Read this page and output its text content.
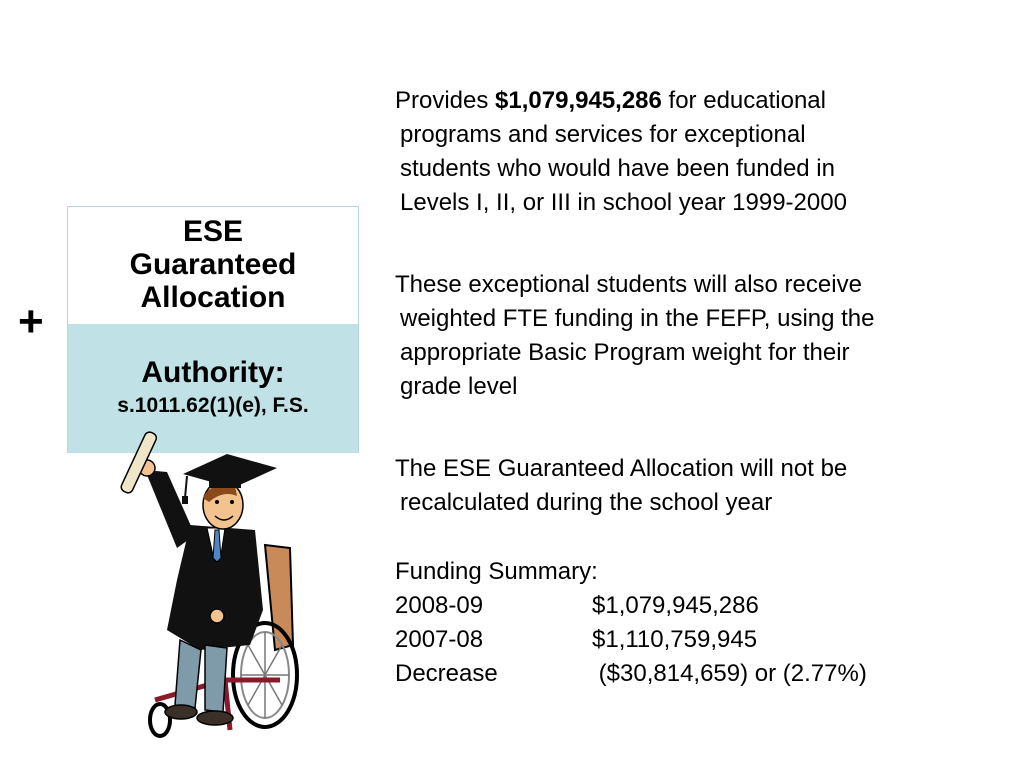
+
ESE
Guaranteed
Allocation
Authority:
s.1011.62(1)(e), F.S.
Provides $1,079,945,286 for educational
programs and services for exceptional
students who would have been funded in
Levels I, II, or III in school year 1999-2000
These exceptional students will also receive
weighted FTE funding in the FEFP, using the
appropriate Basic Program weight for their
grade level
The ESE Guaranteed Allocation will not be
recalculated during the school year
Funding Summary:
2008-09	$1,079,945,286
2007-08	$1,110,759,945
Decrease	($30,814,659) or (2.77%)
